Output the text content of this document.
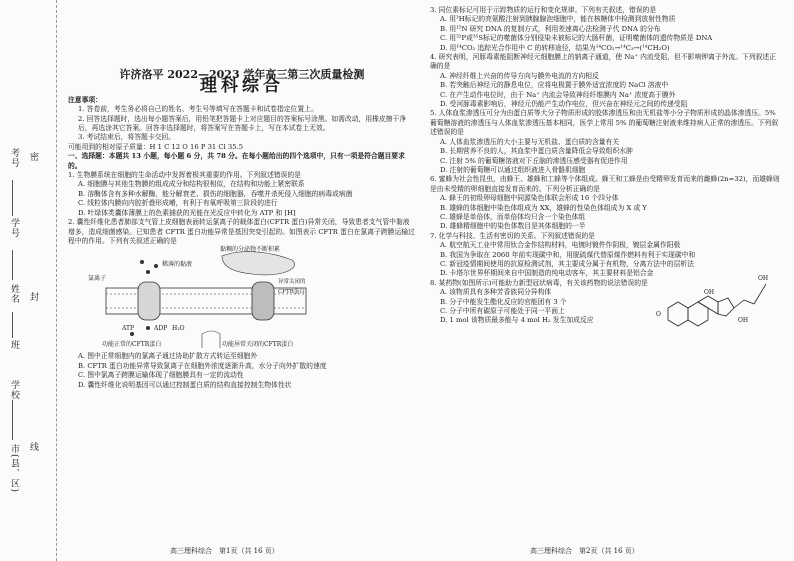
考号
学号
姓名
班
学校
市(县、区)
密
封
线
许济洛平 2022—2023 学年高三第三次质量检测
理科综合

注意事项：

1. 答卷前，考生务必将自己的姓名、考生号等填写在答题卡和试卷指定位置上。

2. 回答选择题时，选出每小题答案后，用铅笔把答题卡上对应题目的答案标号涂黑。如需改动，用橡皮擦干净后，再选涂其它答案。回答非选择题时，将答案写在答题卡上，写在本试卷上无效。

3. 考试结束后，将答题卡交回。

可能用到的相对原子质量：H 1 C 12 O 16 P 31 Cl 35.5

一、选择题：本题共 13 小题，每小题 6 分，共 78 分。在每小题给出的四个选项中，只有一项是符合题目要求的。

1. 生物膜系统在细胞的生命活动中发挥着极其重要的作用。下列叙述错误的是

A. 细胞膜与其他生物膜的组成成分和结构很相似，在结构和功能上紧密联系

B. 溶酶体含有多种水解酶，能分解衰老、损伤的细胞器，吞噬并杀死侵入细胞的病毒或病菌

C. 线粒体内膜向内腔折叠形成嵴，有利于有氧呼吸第三阶段的进行

D. 叶绿体类囊体薄膜上的色素捕获的光能在光反应中转化为 ATP 和 [H]

2. 囊性纤维化患者肺部支气管上皮细胞表面转运氯离子的载体蛋白(CFTR 蛋白)异常关闭，导致患者支气管中黏液增多，造成细菌感染。已知患者 CFTR 蛋白功能异常是基因突变引起的。如图表示 CFTR 蛋白在氯离子跨膜运输过程中的作用。下列有关叙述正确的是

黏稠的分泌物不断积累
氯离子
稀薄的黏液
异常关闭的CFTR蛋白
ATP	ADP H₂O
功能正常的CFTR蛋白	功能异常关闭的CFTR蛋白

A. 图中正常细胞内的氯离子通过协助扩散方式转运至细胞外

B. CFTR 蛋白功能异常导致氯离子在细胞外浓度逐渐升高，水分子向外扩散的速度

C. 图中氯离子跨膜运输体现了细胞膜具有一定的流动性

D. 囊性纤维化说明基因可以通过控制蛋白质的结构直接控制生物体性状

3. 同位素标记可用于示踪物质的运行和变化规律。下列有关叙述，错误的是

A. 用³H标记的亮氨酸注射到胰腺腺泡细胞中，能在核糖体中检测到放射性物质

B. 用¹⁵N 研究 DNA 的复制方式，利用差速离心法检测子代 DNA 的分布

C. 用³²P或³⁵S标记的噬菌体分别侵染未被标记的大肠杆菌，证明噬菌体的遗传物质是 DNA

D. 用¹⁴CO₂ 追踪光合作用中 C 的转移途径，结果为¹⁴CO₂→¹⁴C₃→(¹⁴CH₂O)

4. 研究表明，河豚毒素能阻断神经元细胞膜上的钠离子通道，使 Na⁺ 内流受阻，但不影响钾离子外流。下列叙述正确的是

A. 神经纤维上兴奋的传导方向与膜外电流的方向相反

B. 若突触后神经元的静息电位，应将电极置于膜外适宜浓度的 NaCl 溶液中

C. 在产生动作电位时，由于 Na⁺ 内流会导致神经纤维膜内 Na⁺ 浓度高于膜外

D. 受河豚毒素影响后，神经元仍能产生动作电位，但兴奋在神经元之间的传递受阻

5. 人体血浆渗透压可分为由蛋白质等大分子物质形成的胶体渗透压和由无机盐等小分子物质形成的晶体渗透压。5% 葡萄糖溶液的渗透压与人体血浆渗透压基本相同，医学上常用 5% 的葡萄糖注射液来维持病人正常的渗透压。下列叙述错误的是

A. 人体血浆渗透压的大小主要与无机盐、蛋白质的含量有关

B. 长期营养不良的人，其血浆中蛋白质含量降低会导致组织水肿

C. 注射 5% 的葡萄糖溶液对下丘脑的渗透压感受器有促进作用

D. 注射的葡萄糖可以通过组织液进入骨骼肌细胞

6. 蜜蜂为社会性昆虫，由蜂王、雄蜂和工蜂等个体组成。蜂王和工蜂是由受精卵发育而来的雌蜂(2n=32)，而雄蜂则是由未受精的卵细胞直接发育而来的。下列分析正确的是

A. 蜂王的初级卵母细胞中同源染色体联会形成 16 个四分体

B. 雄蜂的体细胞中染色体组成为 XX，雄蜂的性染色体组成为 X 或 Y

C. 雄蜂是单倍体，而单倍体均只含一个染色体组

D. 雄蜂精细胞中的染色体数目是其体细胞的一半

7. 化学与科技、生活有密切的关系。下列叙述错误的是

A. 航空航天工业中常用钛合金作结构材料，电镀时镀件作阴极，镀层金属作阳极

B. 我国为争取在 2060 年前实现碳中和，用脱硫煤代替原煤作燃料有利于实现碳中和

C. 新冠疫情期间使用的抗原检测试剂，其主要成分属于有机物，分离方法中的层析法

D. 卡塔尔世界杯期间来自中国制造的纯电动客车，其主要材料是铝合金

8. 某药物(如图所示)可能助力新型冠状病毒，有关该药物的说法错误的是

A. 该物质具有多种芳香族同分异构体

B. 分子中能发生酯化反应的官能团有 3 个

C. 分子中所有碳原子可能处于同一平面上

D. 1 mol 该物质最多能与 4 mol H₂ 发生加成反应

O
OH
OH
OH
高三理科综合　第1页（共 16 页）	高三理科综合　第2页（共 16 页）
